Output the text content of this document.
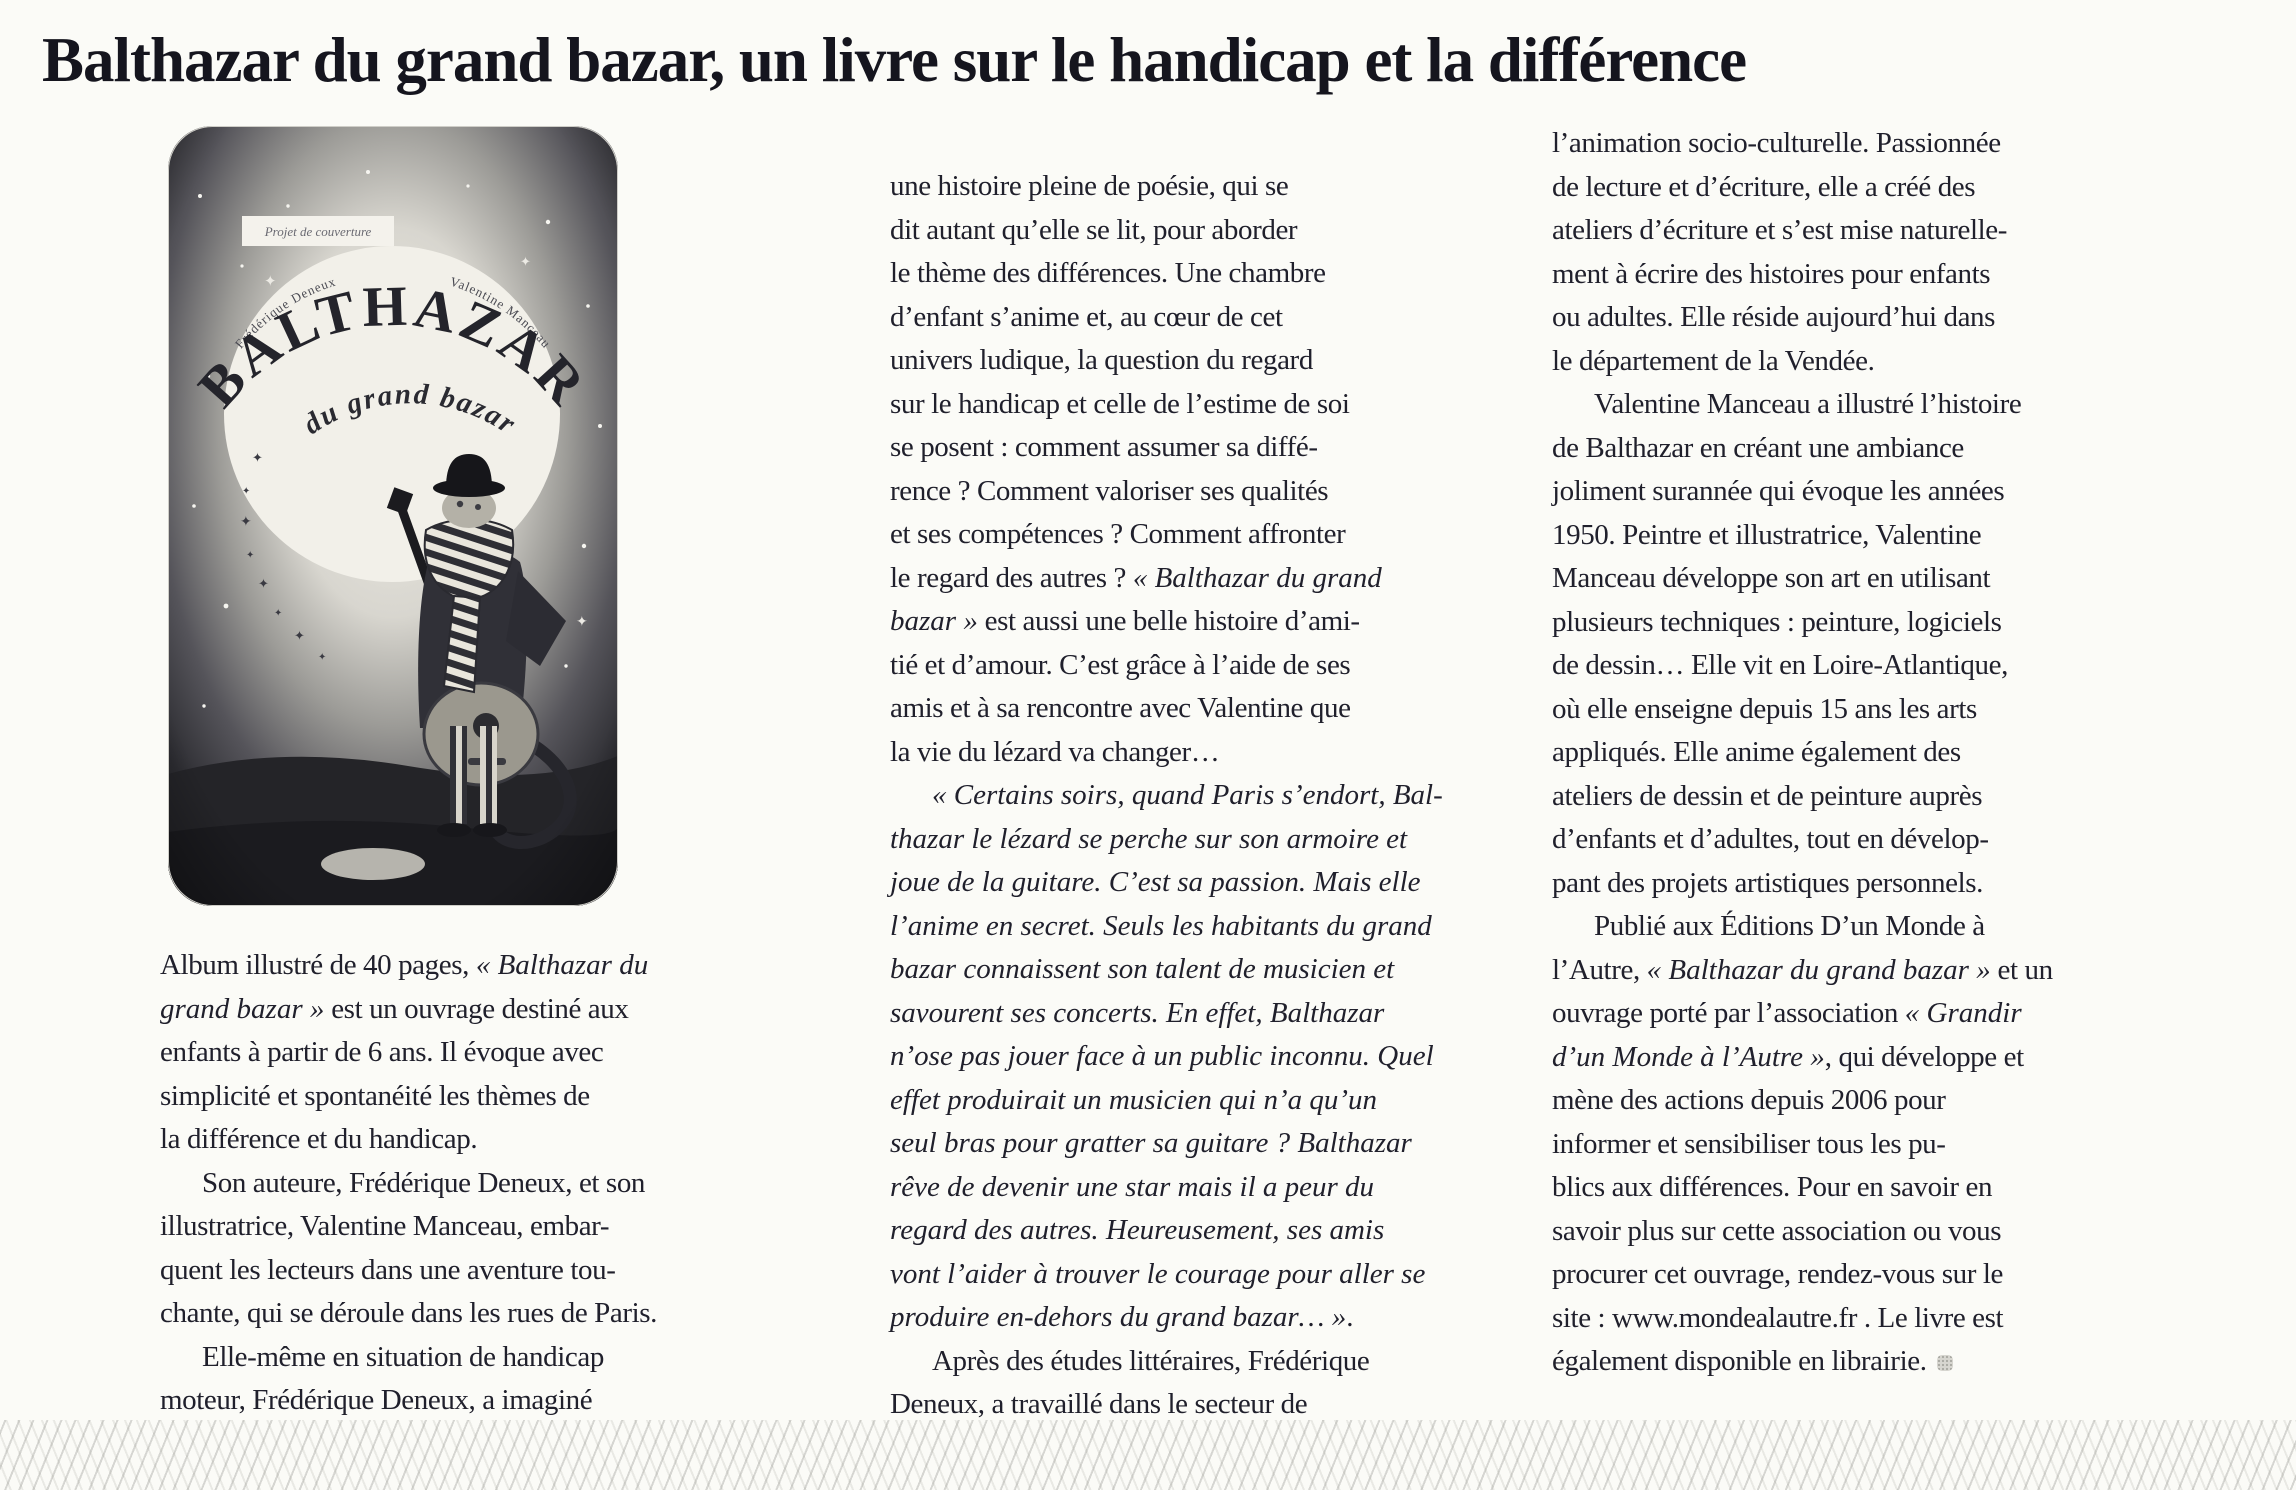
Balthazar du grand bazar, un livre sur le handicap et la différence
Album illustré de 40 pages, « Balthazar du
grand bazar » est un ouvrage destiné aux
enfants à partir de 6 ans. Il évoque avec
simplicité et spontanéité les thèmes de
la différence et du handicap.
Son auteure, Frédérique Deneux, et son
illustratrice, Valentine Manceau, embar-
quent les lecteurs dans une aventure tou-
chante, qui se déroule dans les rues de Paris.
Elle-même en situation de handicap
moteur, Frédérique Deneux, a imaginé
une histoire pleine de poésie, qui se
dit autant qu’elle se lit, pour aborder
le thème des différences. Une chambre
d’enfant s’anime et, au cœur de cet
univers ludique, la question du regard
sur le handicap et celle de l’estime de soi
se posent : comment assumer sa diffé-
rence ? Comment valoriser ses qualités
et ses compétences ? Comment affronter
le regard des autres ? « Balthazar du grand
bazar » est aussi une belle histoire d’ami-
tié et d’amour. C’est grâce à l’aide de ses
amis et à sa rencontre avec Valentine que
la vie du lézard va changer…
« Certains soirs, quand Paris s’endort, Bal-
thazar le lézard se perche sur son armoire et
joue de la guitare. C’est sa passion. Mais elle
l’anime en secret. Seuls les habitants du grand
bazar connaissent son talent de musicien et
savourent ses concerts. En effet, Balthazar
n’ose pas jouer face à un public inconnu. Quel
effet produirait un musicien qui n’a qu’un
seul bras pour gratter sa guitare ? Balthazar
rêve de devenir une star mais il a peur du
regard des autres. Heureusement, ses amis
vont l’aider à trouver le courage pour aller se
produire en-dehors du grand bazar… ».
Après des études littéraires, Frédérique
Deneux, a travaillé dans le secteur de
l’animation socio-culturelle. Passionnée
de lecture et d’écriture, elle a créé des
ateliers d’écriture et s’est mise naturelle-
ment à écrire des histoires pour enfants
ou adultes. Elle réside aujourd’hui dans
le département de la Vendée.
Valentine Manceau a illustré l’histoire
de Balthazar en créant une ambiance
joliment surannée qui évoque les années
1950. Peintre et illustratrice, Valentine
Manceau développe son art en utilisant
plusieurs techniques : peinture, logiciels
de dessin… Elle vit en Loire-Atlantique,
où elle enseigne depuis 15 ans les arts
appliqués. Elle anime également des
ateliers de dessin et de peinture auprès
d’enfants et d’adultes, tout en dévelop-
pant des projets artistiques personnels.
Publié aux Éditions D’un Monde à
l’Autre, « Balthazar du grand bazar » et un
ouvrage porté par l’association « Grandir
d’un Monde à l’Autre », qui développe et
mène des actions depuis 2006 pour
informer et sensibiliser tous les pu-
blics aux différences. Pour en savoir en
savoir plus sur cette association ou vous
procurer cet ouvrage, rendez-vous sur le
site : www.mondealautre.fr . Le livre est
également disponible en librairie.
